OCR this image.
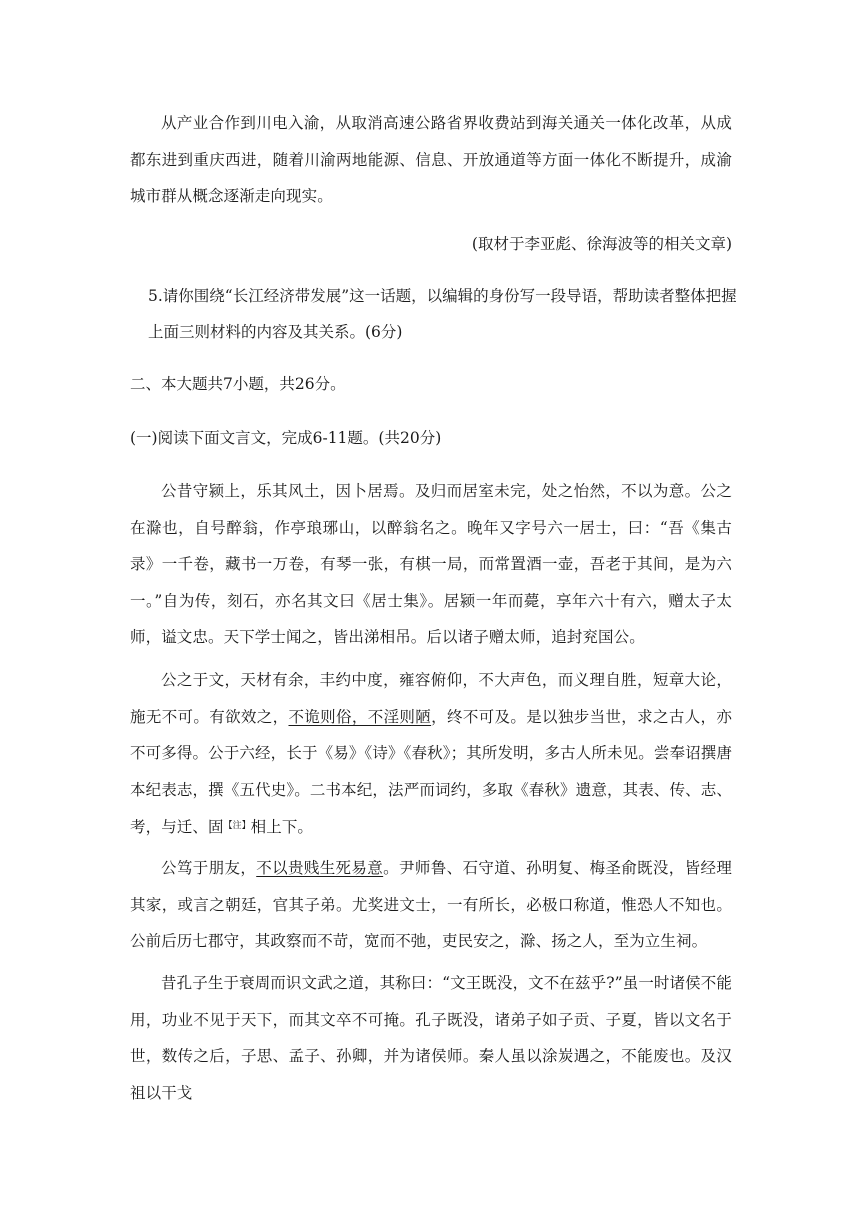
从产业合作到川电入渝，从取消高速公路省界收费站到海关通关一体化改革，从成都东进到重庆西进，随着川渝两地能源、信息、开放通道等方面一体化不断提升，成渝城市群从概念逐渐走向现实。

(取材于李亚彪、徐海波等的相关文章)
5.请你围绕“长江经济带发展”这一话题，以编辑的身份写一段导语，帮助读者整体把握
上面三则材料的内容及其关系。(6分)
二、本大题共7小题，共26分。
(一)阅读下面文言文，完成6-11题。(共20分)

公昔守颍上，乐其风土，因卜居焉。及归而居室未完，处之怡然，不以为意。公之在滁也，自号醉翁，作亭琅琊山，以醉翁名之。晚年又字号六一居士，曰：“吾《集古录》一千卷，藏书一万卷，有琴一张，有棋一局，而常置酒一壶，吾老于其间，是为六一。”自为传，刻石，亦名其文曰《居士集》。居颍一年而薨，享年六十有六，赠太子太师，谥文忠。天下学士闻之，皆出涕相吊。后以诸子赠太师，追封兖国公。

公之于文，天材有余，丰约中度，雍容俯仰，不大声色，而义理自胜，短章大论，施无不可。有欲效之，不诡则俗，不淫则陋，终不可及。是以独步当世，求之古人，亦不可多得。公于六经，长于《易》《诗》《春秋》；其所发明，多古人所未见。尝奉诏撰唐本纪表志，撰《五代史》。二书本纪，法严而词约，多取《春秋》遗意，其表、传、志、考，与迁、固$^{【注】}$相上下。

公笃于朋友，不以贵贱生死易意。尹师鲁、石守道、孙明复、梅圣俞既没，皆经理其家，或言之朝廷，官其子弟。尤奖进文士，一有所长，必极口称道，惟恐人不知也。公前后历七郡守，其政察而不苛，宽而不弛，吏民安之，滁、扬之人，至为立生祠。

昔孔子生于衰周而识文武之道，其称曰：“文王既没，文不在兹乎?”虽一时诸侯不能用，功业不见于天下，而其文卒不可掩。孔子既没，诸弟子如子贡、子夏，皆以文名于世，数传之后，子思、孟子、孙卿，并为诸侯师。秦人虽以涂炭遇之，不能废也。及汉祖以干戈
